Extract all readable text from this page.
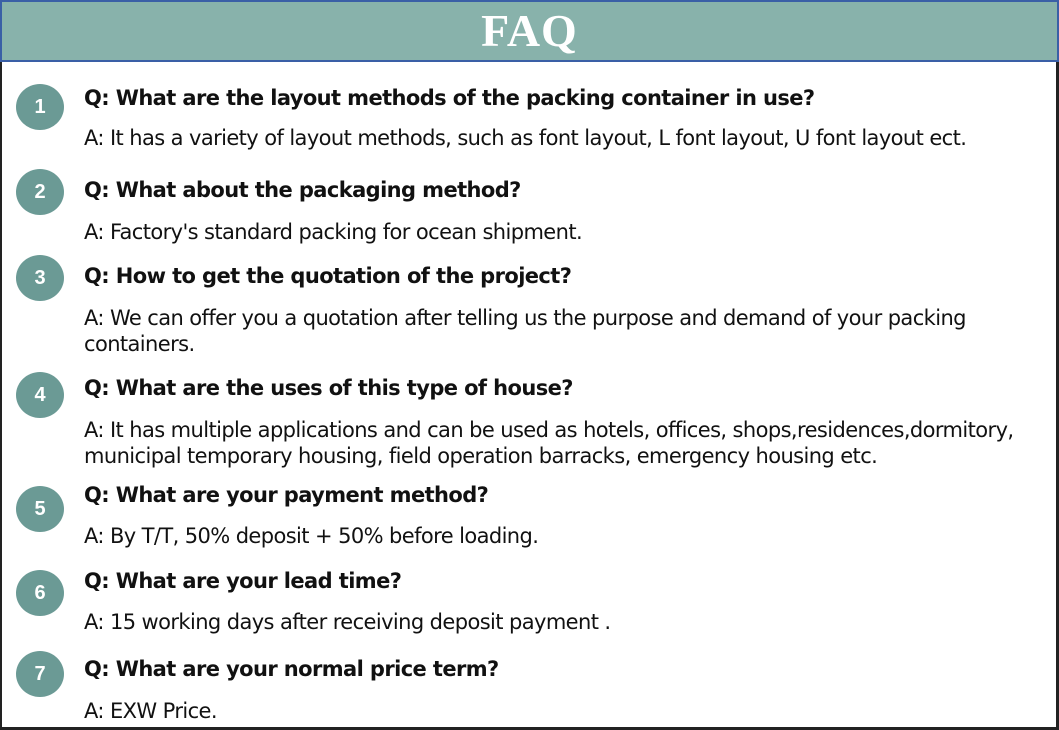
FAQ
1	Q: What are the layout methods of the packing container in use?
A: It has a variety of layout methods, such as font layout, L font layout, U font layout ect.
2	Q: What about the packaging method?
A: Factory's standard packing for ocean shipment.
3	Q: How to get the quotation of the project?
A: We can offer you a quotation after telling us the purpose and demand of your packing containers.
4	Q: What are the uses of this type of house?
A: It has multiple applications and can be used as hotels, offices, shops,residences,dormitory, municipal temporary housing, field operation barracks, emergency housing etc.
5
Q: What are your payment method?
A: By T/T, 50% deposit + 50% before loading.
6	Q: What are your lead time?
A: 15 working days after receiving deposit payment .
7	Q: What are your normal price term?
A: EXW Price.
